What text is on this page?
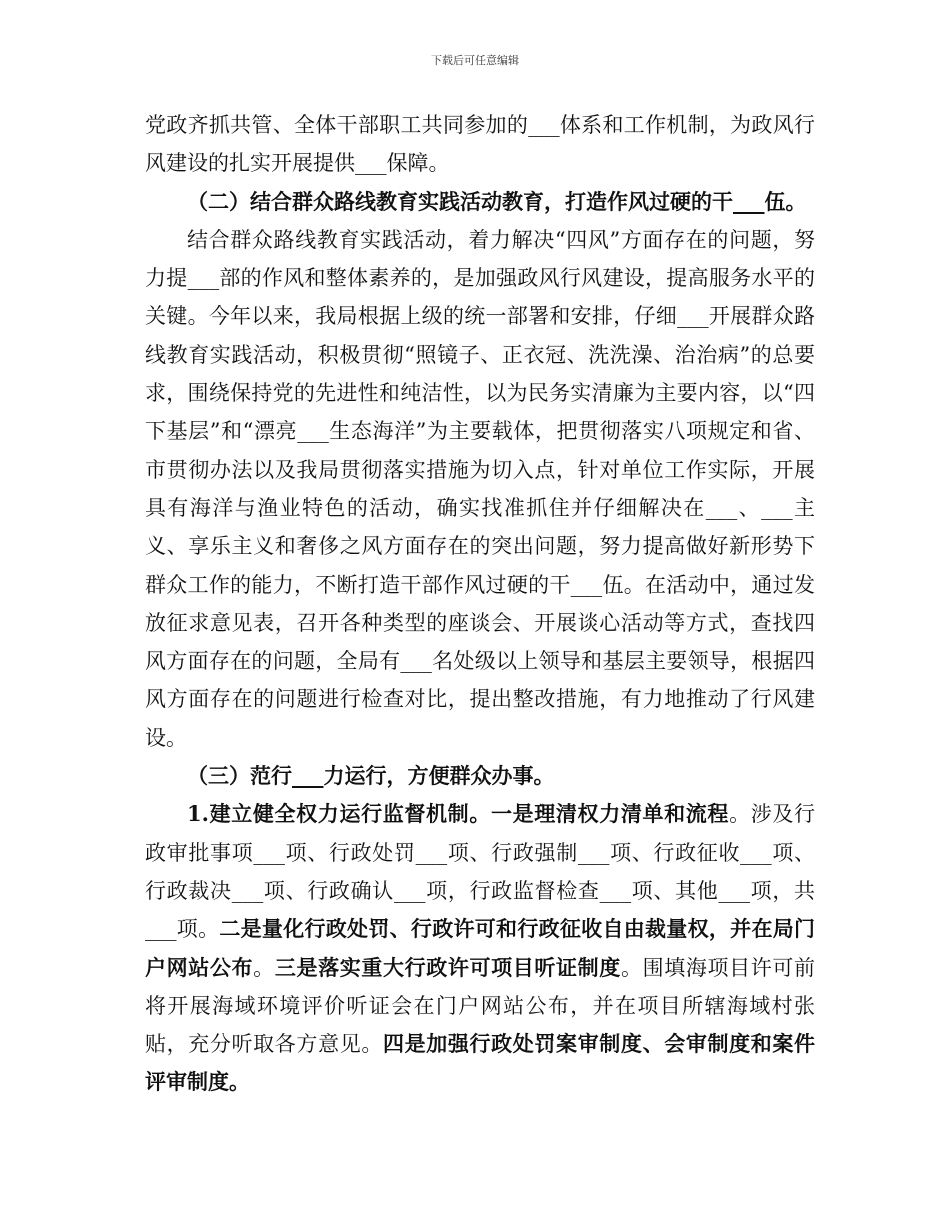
下载后可任意编辑

党政齐抓共管、全体干部职工共同参加的___体系和工作机制，为政风行风建设的扎实开展提供___保障。

（二）结合群众路线教育实践活动教育，打造作风过硬的干___伍。

结合群众路线教育实践活动，着力解决“四风”方面存在的问题，努力提___部的作风和整体素养的，是加强政风行风建设，提高服务水平的关键。今年以来，我局根据上级的统一部署和安排，仔细___开展群众路线教育实践活动，积极贯彻“照镜子、正衣冠、洗洗澡、治治病”的总要求，围绕保持党的先进性和纯洁性，以为民务实清廉为主要内容，以“四下基层”和“漂亮___生态海洋”为主要载体，把贯彻落实八项规定和省、市贯彻办法以及我局贯彻落实措施为切入点，针对单位工作实际，开展具有海洋与渔业特色的活动，确实找准抓住并仔细解决在___、___主义、享乐主义和奢侈之风方面存在的突出问题，努力提高做好新形势下群众工作的能力，不断打造干部作风过硬的干___伍。在活动中，通过发放征求意见表，召开各种类型的座谈会、开展谈心活动等方式，查找四风方面存在的问题，全局有___名处级以上领导和基层主要领导，根据四风方面存在的问题进行检查对比，提出整改措施，有力地推动了行风建设。

（三）范行___力运行，方便群众办事。

1.建立健全权力运行监督机制。一是理清权力清单和流程。涉及行政审批事项___项、行政处罚___项、行政强制___项、行政征收___项、行政裁决___项、行政确认___项，行政监督检查___项、其他___项，共___项。二是量化行政处罚、行政许可和行政征收自由裁量权，并在局门户网站公布。三是落实重大行政许可项目听证制度。围填海项目许可前将开展海域环境评价听证会在门户网站公布，并在项目所辖海域村张贴，充分听取各方意见。四是加强行政处罚案审制度、会审制度和案件评审制度。
